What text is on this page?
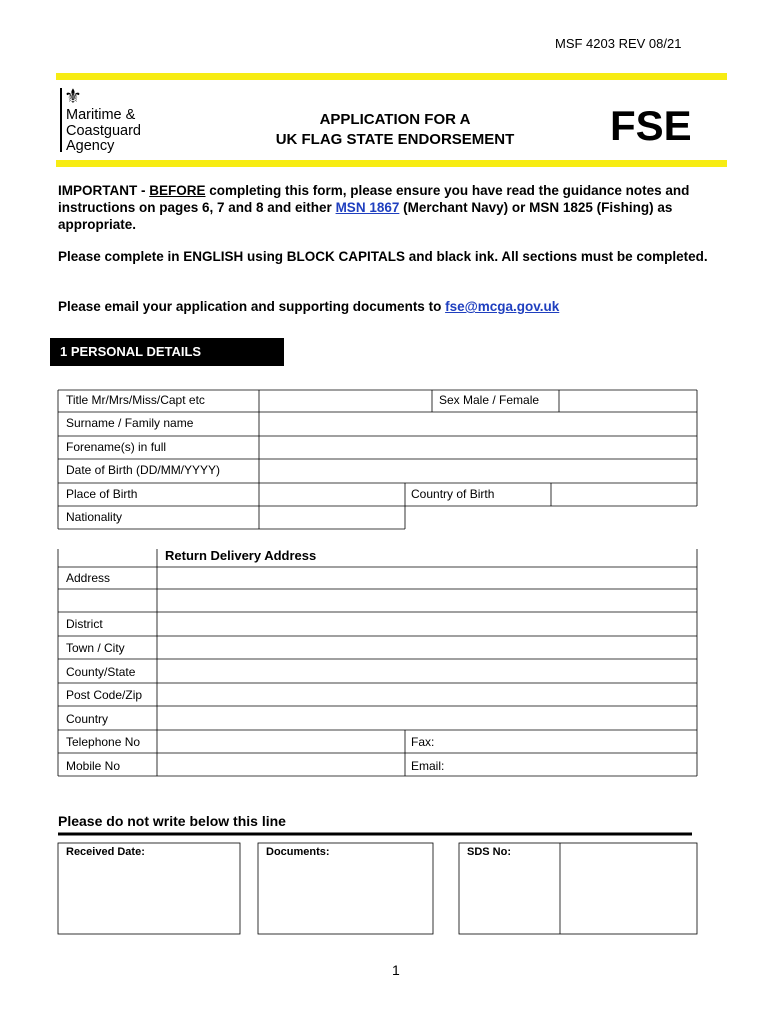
MSF 4203 REV 08/21
⚜
Maritime &
Coastguard
Agency
APPLICATION FOR A
UK FLAG STATE ENDORSEMENT	FSE
IMPORTANT - BEFORE completing this form, please ensure you have read the guidance notes and instructions on pages 6, 7 and 8 and either MSN 1867 (Merchant Navy) or MSN 1825 (Fishing) as appropriate.
Please complete in ENGLISH using BLOCK CAPITALS and black ink. All sections must be completed.
Please email your application and supporting documents to fse@mcga.gov.uk
1 PERSONAL DETAILS
Title Mr/Mrs/Miss/Capt etc	Sex Male / Female
Surname / Family name
Forename(s) in full
Date of Birth (DD/MM/YYYY)
Place of Birth	Country of Birth
Nationality
Return Delivery Address
Address
District
Town / City
County/State
Post Code/Zip
Country
Telephone No	Fax:
Mobile No	Email:
Please do not write below this line
Received Date:	Documents:	SDS No:
1
